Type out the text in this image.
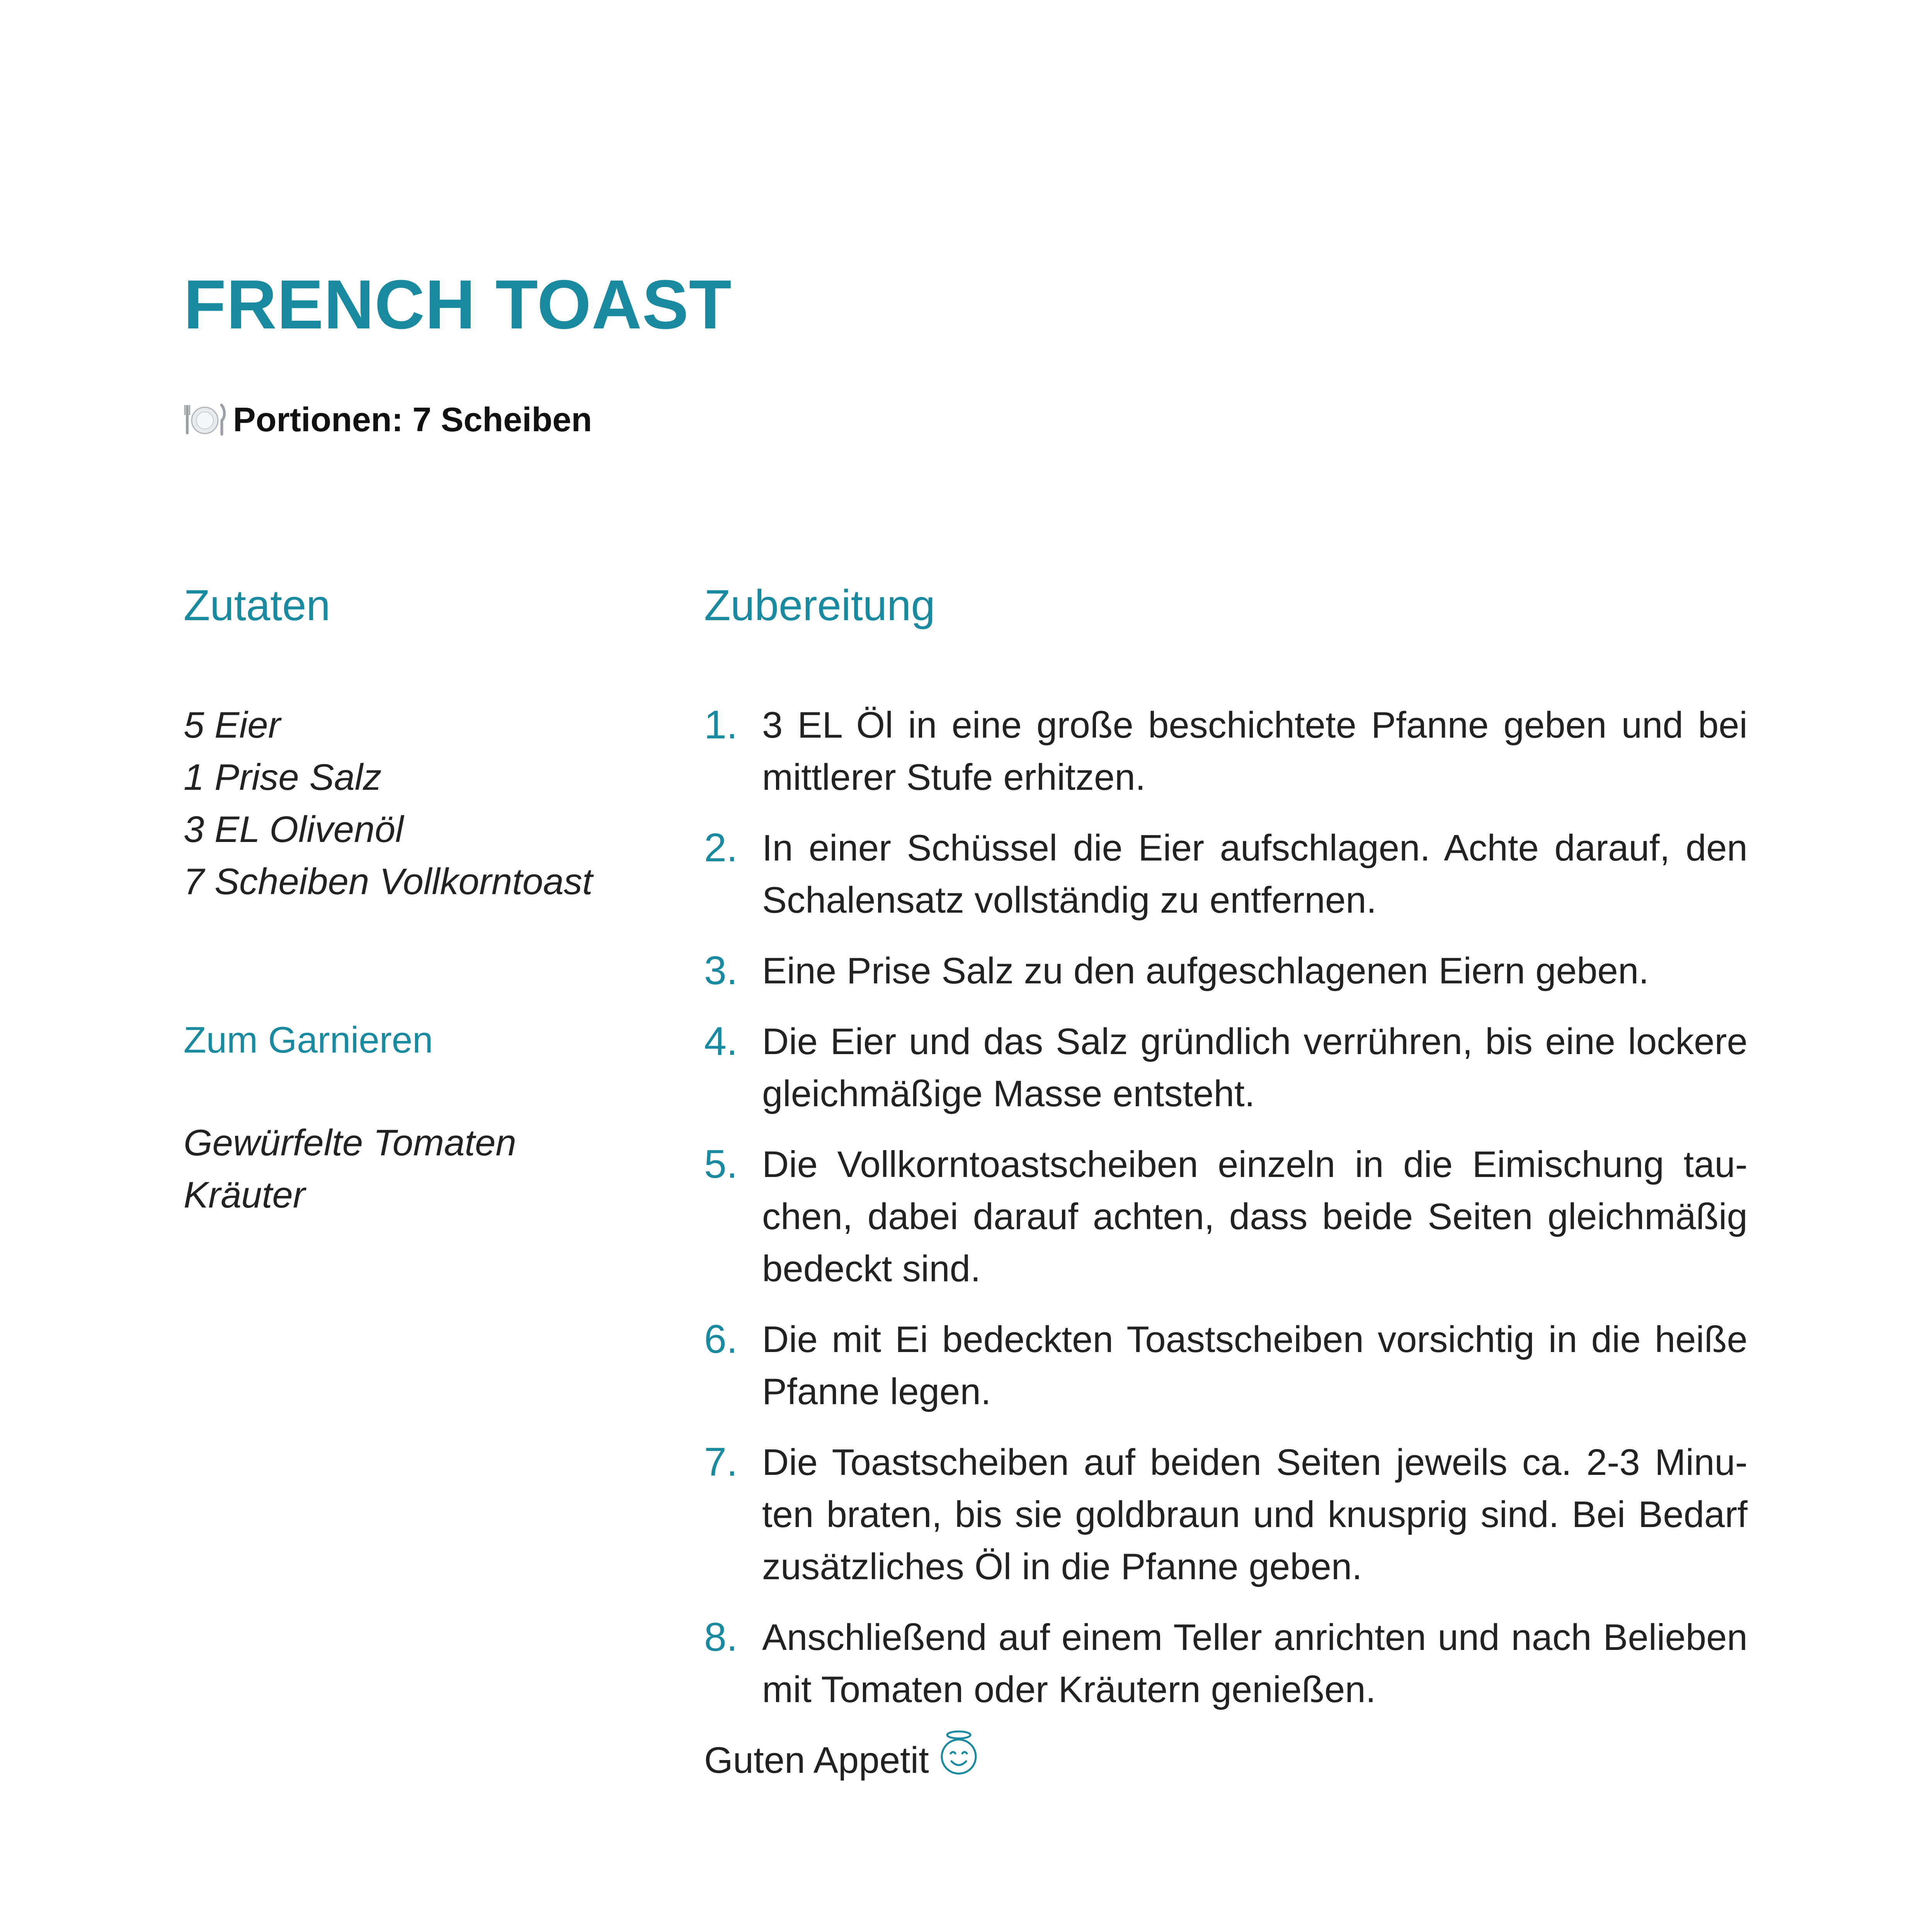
FRENCH TOAST
Portionen: 7 Scheiben
Zutaten
5 Eier
1 Prise Salz
3 EL Olivenöl
7 Scheiben Vollkorntoast
Zum Garnieren
Gewürfelte Tomaten
Kräuter
Zubereitung
1. 3 EL Öl in eine große beschichtete Pfanne geben und bei mittlerer Stufe erhitzen.
2. In einer Schüssel die Eier aufschlagen. Achte darauf, den Schalensatz vollständig zu entfernen.
3. Eine Prise Salz zu den aufgeschlagenen Eiern geben.
4. Die Eier und das Salz gründlich verrühren, bis eine lockere gleichmäßige Masse entsteht.
5. Die Vollkorntoastscheiben einzeln in die Eimischung tauchen, dabei darauf achten, dass beide Seiten gleichmäßig bedeckt sind.
6. Die mit Ei bedeckten Toastscheiben vorsichtig in die heiße Pfanne legen.
7. Die Toastscheiben auf beiden Seiten jeweils ca. 2-3 Minuten braten, bis sie goldbraun und knusprig sind. Bei Bedarf zusätzliches Öl in die Pfanne geben.
8. Anschließend auf einem Teller anrichten und nach Belieben mit Tomaten oder Kräutern genießen.
Guten Appetit
